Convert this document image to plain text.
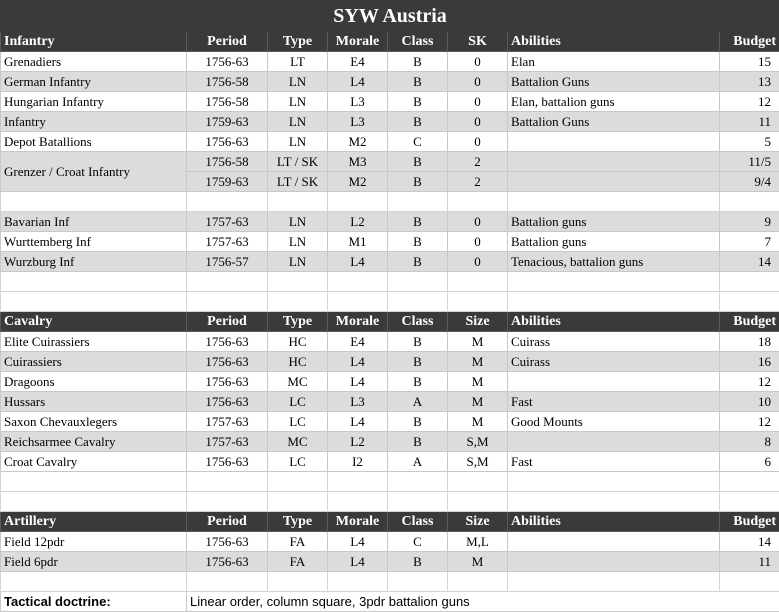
SYW Austria							
Infantry	Period	Type	Morale	Class	SK	Abilities	Budget
Grenadiers	1756-63	LT	E4	B	0	Elan	15
German Infantry	1756-58	LN	L4	B	0	Battalion Guns	13
Hungarian Infantry	1756-58	LN	L3	B	0	Elan, battalion guns	12
Infantry	1759-63	LN	L3	B	0	Battalion Guns	11
Depot Batallions	1756-63	LN	M2	C	0		5
Grenzer / Croat Infantry	1756-58	LT / SK	M3	B	2		11/5
	1759-63	LT / SK	M2	B	2		9/4

Bavarian Inf	1757-63	LN	L2	B	0	Battalion guns	9
Wurttemberg Inf	1757-63	LN	M1	B	0	Battalion guns	7
Wurzburg Inf	1756-57	LN	L4	B	0	Tenacious, battalion guns	14

Cavalry	Period	Type	Morale	Class	Size	Abilities	Budget
Elite Cuirassiers	1756-63	HC	E4	B	M	Cuirass	18
Cuirassiers	1756-63	HC	L4	B	M	Cuirass	16
Dragoons	1756-63	MC	L4	B	M		12
Hussars	1756-63	LC	L3	A	M	Fast	10
Saxon Chevauxlegers	1757-63	LC	L4	B	M	Good Mounts	12
Reichsarmee Cavalry	1757-63	MC	L2	B	S,M		8
Croat Cavalry	1756-63	LC	I2	A	S,M	Fast	6

Artillery	Period	Type	Morale	Class	Size	Abilities	Budget
Field 12pdr	1756-63	FA	L4	C	M,L		14
Field 6pdr	1756-63	FA	L4	B	M		11

Tactical doctrine:	Linear order, column square, 3pdr battalion guns						
